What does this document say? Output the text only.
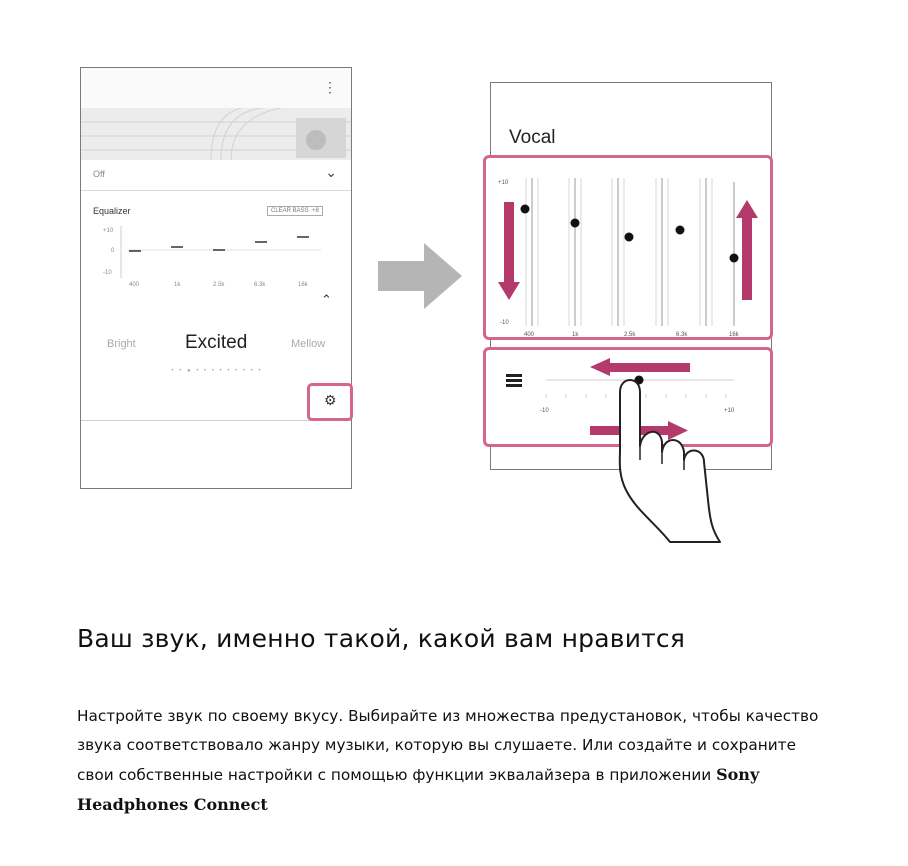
⋮
Off	⌄
Equalizer	CLEAR BASS +8
+10
0
-10
400	1k	2.5k	6.3k	16k
⌃
Bright	Excited	Mellow
• • ● • • • • • • • • •
⚙
Vocal
+10
-10
400	1k	2.5k	6.3k	16k
-10	+10
Ваш звук, именно такой, какой вам нравится
Настройте звук по своему вкусу. Выбирайте из множества предустановок, чтобы качество звука соответствовало жанру музыки, которую вы слушаете. Или создайте и сохраните свои собственные настройки с помощью функции эквалайзера в приложении Sony Headphones Connect
